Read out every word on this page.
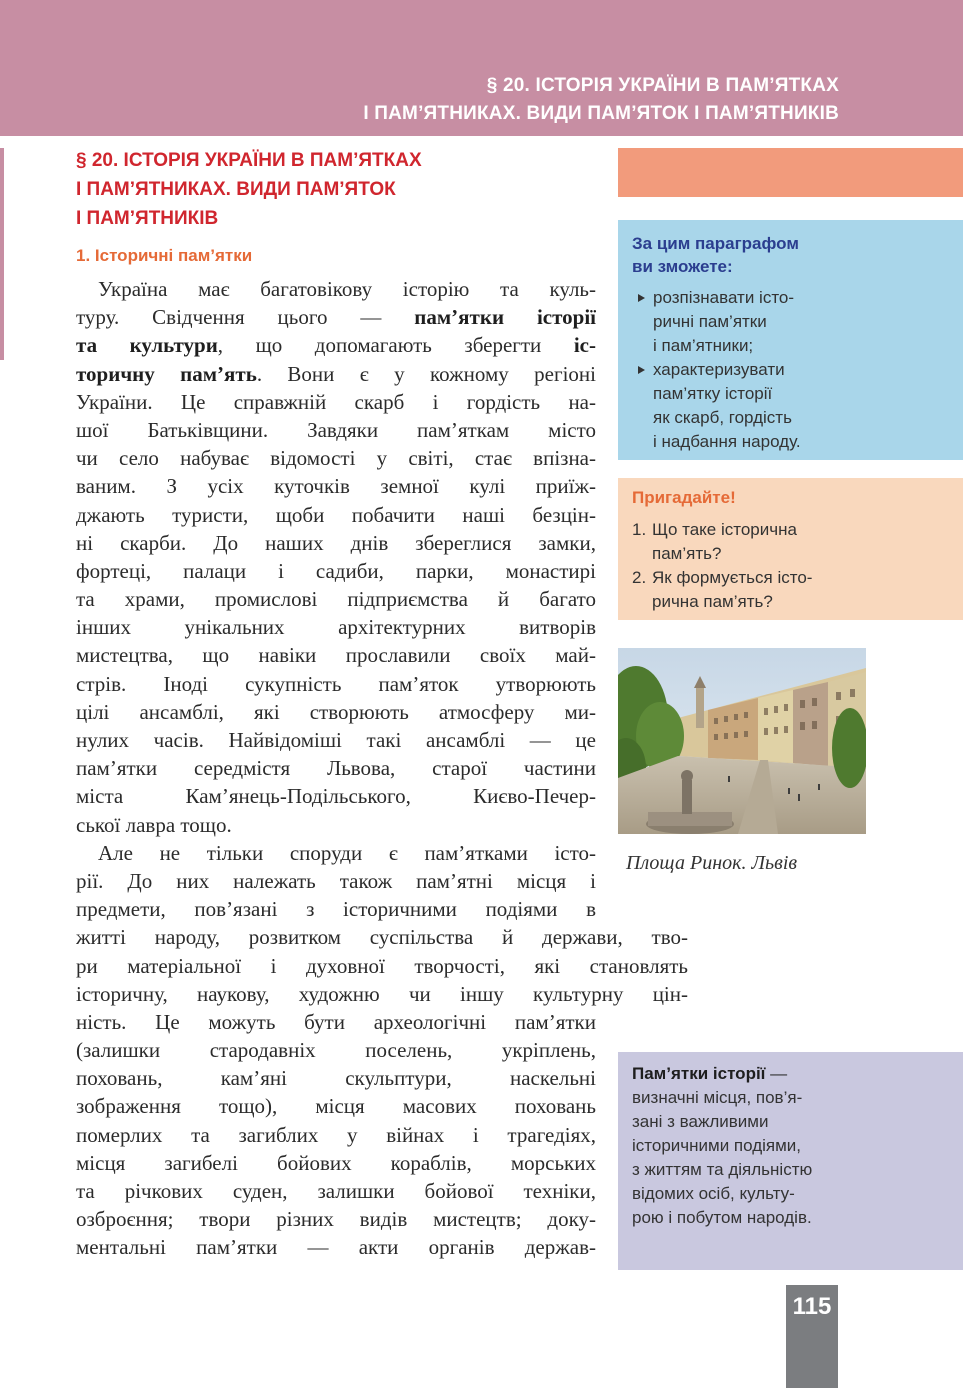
§ 20. ІСТОРІЯ УКРАЇНИ В ПАМ’ЯТКАХ
І ПАМ’ЯТНИКАХ. ВИДИ ПАМ’ЯТОК І ПАМ’ЯТНИКІВ
§ 20. ІСТОРІЯ УКРАЇНИ В ПАМ’ЯТКАХ
І ПАМ’ЯТНИКАХ. ВИДИ ПАМ’ЯТОК
І ПАМ’ЯТНИКІВ
1. Історичні пам’ятки
Україна має багатовікову історію та куль-
туру. Свідчення цього — пам’ятки історії
та культури, що допомагають зберегти іс-
торичну пам’ять. Вони є у кожному регіоні
України. Це справжній скарб і гордість на-
шої Батьківщини. Завдяки пам’яткам місто
чи село набуває відомості у світі, стає впізна-
ваним. З усіх куточків земної кулі приїж-
джають туристи, щоби побачити наші безцін-
ні скарби. До наших днів збереглися замки,
фортеці, палаци і садиби, парки, монастирі
та храми, промислові підприємства й багато
інших унікальних архітектурних витворів
мистецтва, що навіки прославили своїх май-
стрів. Іноді сукупність пам’яток утворюють
цілі ансамблі, які створюють атмосферу ми-
нулих часів. Найвідоміші такі ансамблі — це
пам’ятки середмістя Львова, старої частини
міста Кам’янець-Подільського, Києво-Печер-
ської лавра тощо.
Але не тільки споруди є пам’ятками істо-
рії. До них належать також пам’ятні місця і
предмети, пов’язані з історичними подіями в
житті народу, розвитком суспільства й держави, тво-
ри матеріальної і духовної творчості, які становлять
історичну, наукову, художню чи іншу культурну цін-
ність. Це можуть бути археологічні пам’ятки
(залишки стародавніх поселень, укріплень,
поховань, кам’яні скульптури, наскельні
зображення тощо), місця масових поховань
померлих та загиблих у війнах і трагедіях,
місця загибелі бойових кораблів, морських
та річкових суден, залишки бойової техніки,
озброєння; твори різних видів мистецтв; доку-
ментальні пам’ятки — акти органів держав-
За цим параграфом
ви зможете:
розпізнавати істо-
ричні пам’ятки
і пам’ятники;
характеризувати
пам’ятку історії
як скарб, гордість
і надбання народу.
Пригадайте!
1. Що таке історична
пам’ять?
2. Як формується істо-
рична пам’ять?
Площа Ринок. Львів
Пам’ятки історії —
визначні місця, пов’я-
зані з важливими
історичними подіями,
з життям та діяльністю
відомих осіб, культу-
рою і побутом народів.
115
